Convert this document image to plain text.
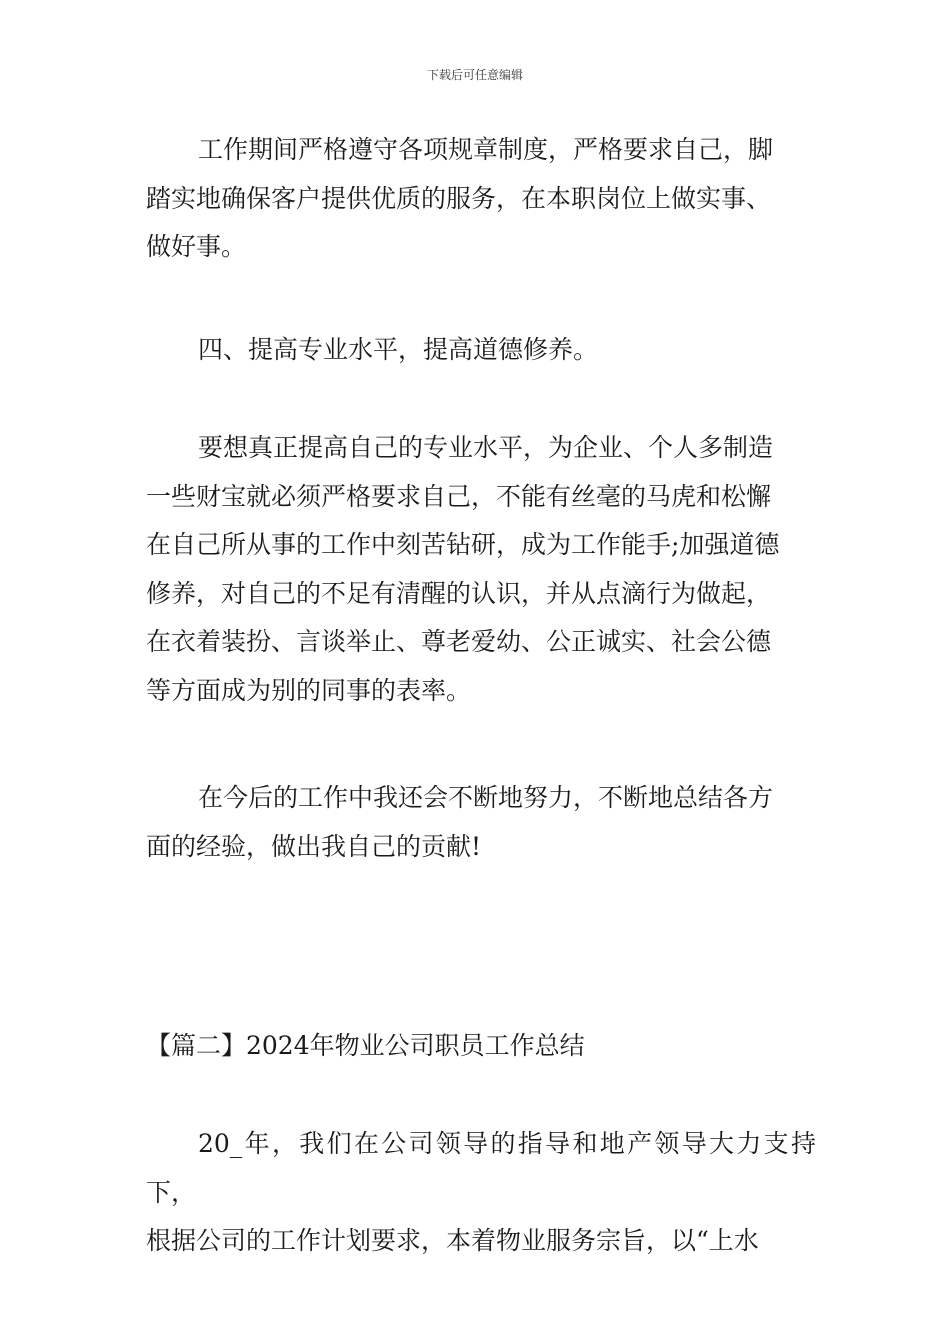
下载后可任意编辑
工作期间严格遵守各项规章制度，严格要求自己，脚
踏实地确保客户提供优质的服务，在本职岗位上做实事、
做好事。
四、提高专业水平，提高道德修养。
要想真正提高自己的专业水平，为企业、个人多制造
一些财宝就必须严格要求自己，不能有丝毫的马虎和松懈
在自己所从事的工作中刻苦钻研，成为工作能手;加强道德
修养，对自己的不足有清醒的认识，并从点滴行为做起，
在衣着装扮、言谈举止、尊老爱幼、公正诚实、社会公德
等方面成为别的同事的表率。
在今后的工作中我还会不断地努力，不断地总结各方
面的经验，做出我自己的贡献!
【篇二】2024年物业公司职员工作总结
20_年，我们在公司领导的指导和地产领导大力支持下，
根据公司的工作计划要求，本着物业服务宗旨，以“上水
